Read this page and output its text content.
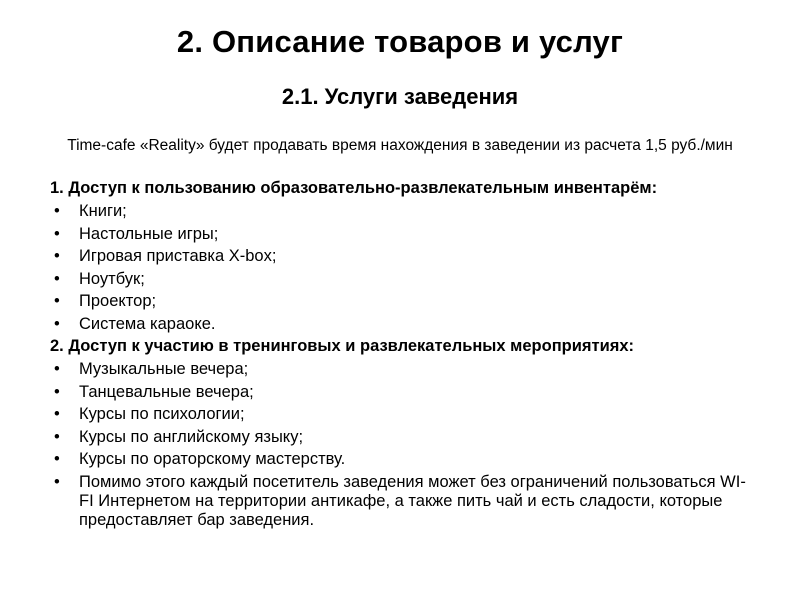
2. Описание товаров и услуг
2.1. Услуги заведения
Time-cafe «Reality» будет продавать время нахождения в заведении из расчета 1,5 руб./мин
1. Доступ к пользованию образовательно-развлекательным инвентарём:
• Книги;
• Настольные игры;
• Игровая приставка X-box;
• Ноутбук;
• Проектор;
• Система караоке.
2. Доступ к участию в тренинговых и развлекательных мероприятиях:
• Музыкальные вечера;
• Танцевальные вечера;
• Курсы по психологии;
• Курсы по английскому языку;
• Курсы по ораторскому мастерству.
• Помимо этого каждый посетитель заведения может без ограничений пользоваться WI-FI Интернетом на территории антикафе, а также пить чай и есть сладости, которые предоставляет бар заведения.
